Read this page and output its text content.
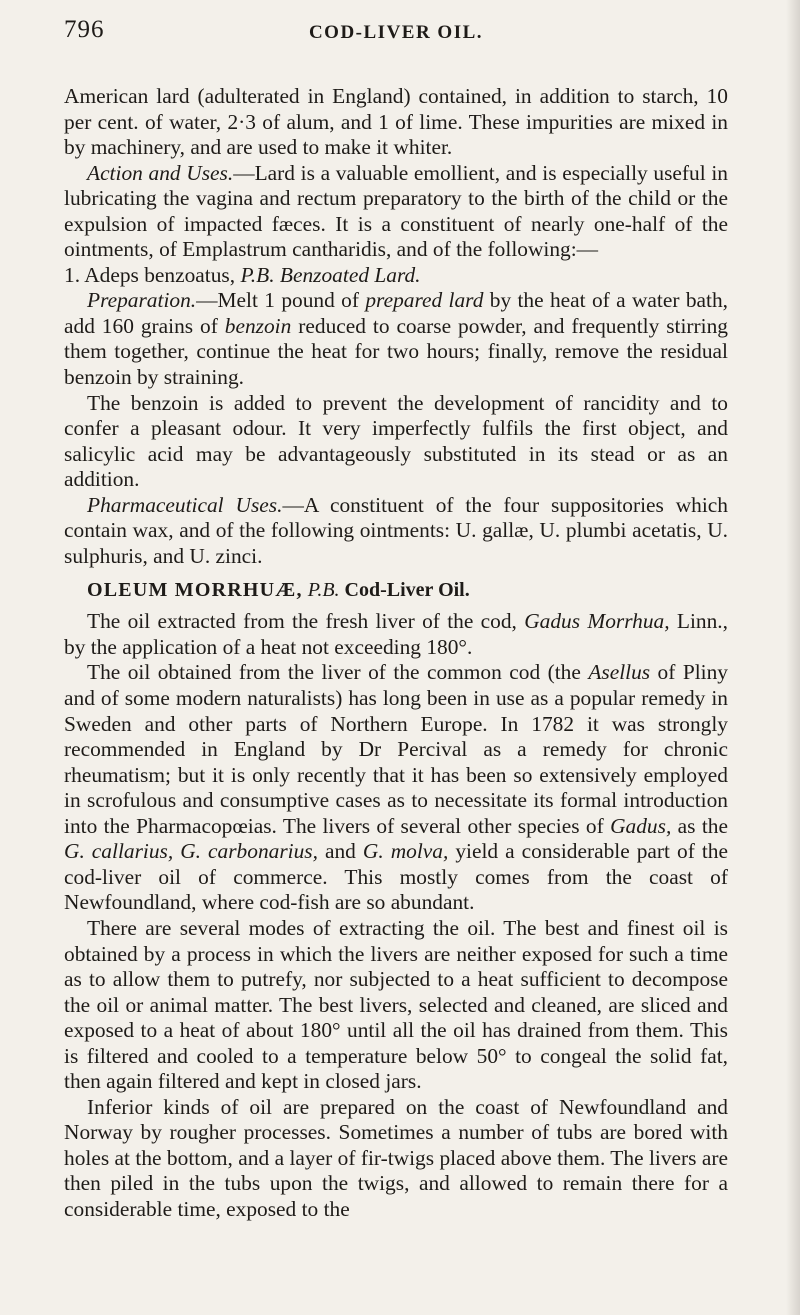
796	COD-LIVER OIL.

American lard (adulterated in England) contained, in addition to starch, 10 per cent. of water, 2·3 of alum, and 1 of lime. These impurities are mixed in by machinery, and are used to make it whiter.

Action and Uses.—Lard is a valuable emollient, and is especially useful in lubricating the vagina and rectum preparatory to the birth of the child or the expulsion of impacted fæces. It is a constituent of nearly one-half of the ointments, of Emplastrum cantharidis, and of the following:—

1. Adeps benzoatus, P.B. Benzoated Lard.

Preparation.—Melt 1 pound of prepared lard by the heat of a water bath, add 160 grains of benzoin reduced to coarse powder, and frequently stirring them together, continue the heat for two hours; finally, remove the residual benzoin by straining.

The benzoin is added to prevent the development of rancidity and to confer a pleasant odour. It very imperfectly fulfils the first object, and salicylic acid may be advantageously substituted in its stead or as an addition.

Pharmaceutical Uses.—A constituent of the four suppositories which contain wax, and of the following ointments: U. gallæ, U. plumbi acetatis, U. sulphuris, and U. zinci.

OLEUM MORRHUÆ, P.B. Cod-Liver Oil.

The oil extracted from the fresh liver of the cod, Gadus Morrhua, Linn., by the application of a heat not exceeding 180°.

The oil obtained from the liver of the common cod (the Asellus of Pliny and of some modern naturalists) has long been in use as a popular remedy in Sweden and other parts of Northern Europe. In 1782 it was strongly recommended in England by Dr Percival as a remedy for chronic rheumatism; but it is only recently that it has been so extensively employed in scrofulous and consumptive cases as to necessitate its formal introduction into the Pharmacopœias. The livers of several other species of Gadus, as the G. callarius, G. carbonarius, and G. molva, yield a considerable part of the cod-liver oil of commerce. This mostly comes from the coast of Newfoundland, where cod-fish are so abundant.

There are several modes of extracting the oil. The best and finest oil is obtained by a process in which the livers are neither exposed for such a time as to allow them to putrefy, nor subjected to a heat sufficient to decompose the oil or animal matter. The best livers, selected and cleaned, are sliced and exposed to a heat of about 180° until all the oil has drained from them. This is filtered and cooled to a temperature below 50° to congeal the solid fat, then again filtered and kept in closed jars.

Inferior kinds of oil are prepared on the coast of Newfoundland and Norway by rougher processes. Sometimes a number of tubs are bored with holes at the bottom, and a layer of fir-twigs placed above them. The livers are then piled in the tubs upon the twigs, and allowed to remain there for a considerable time, exposed to the
